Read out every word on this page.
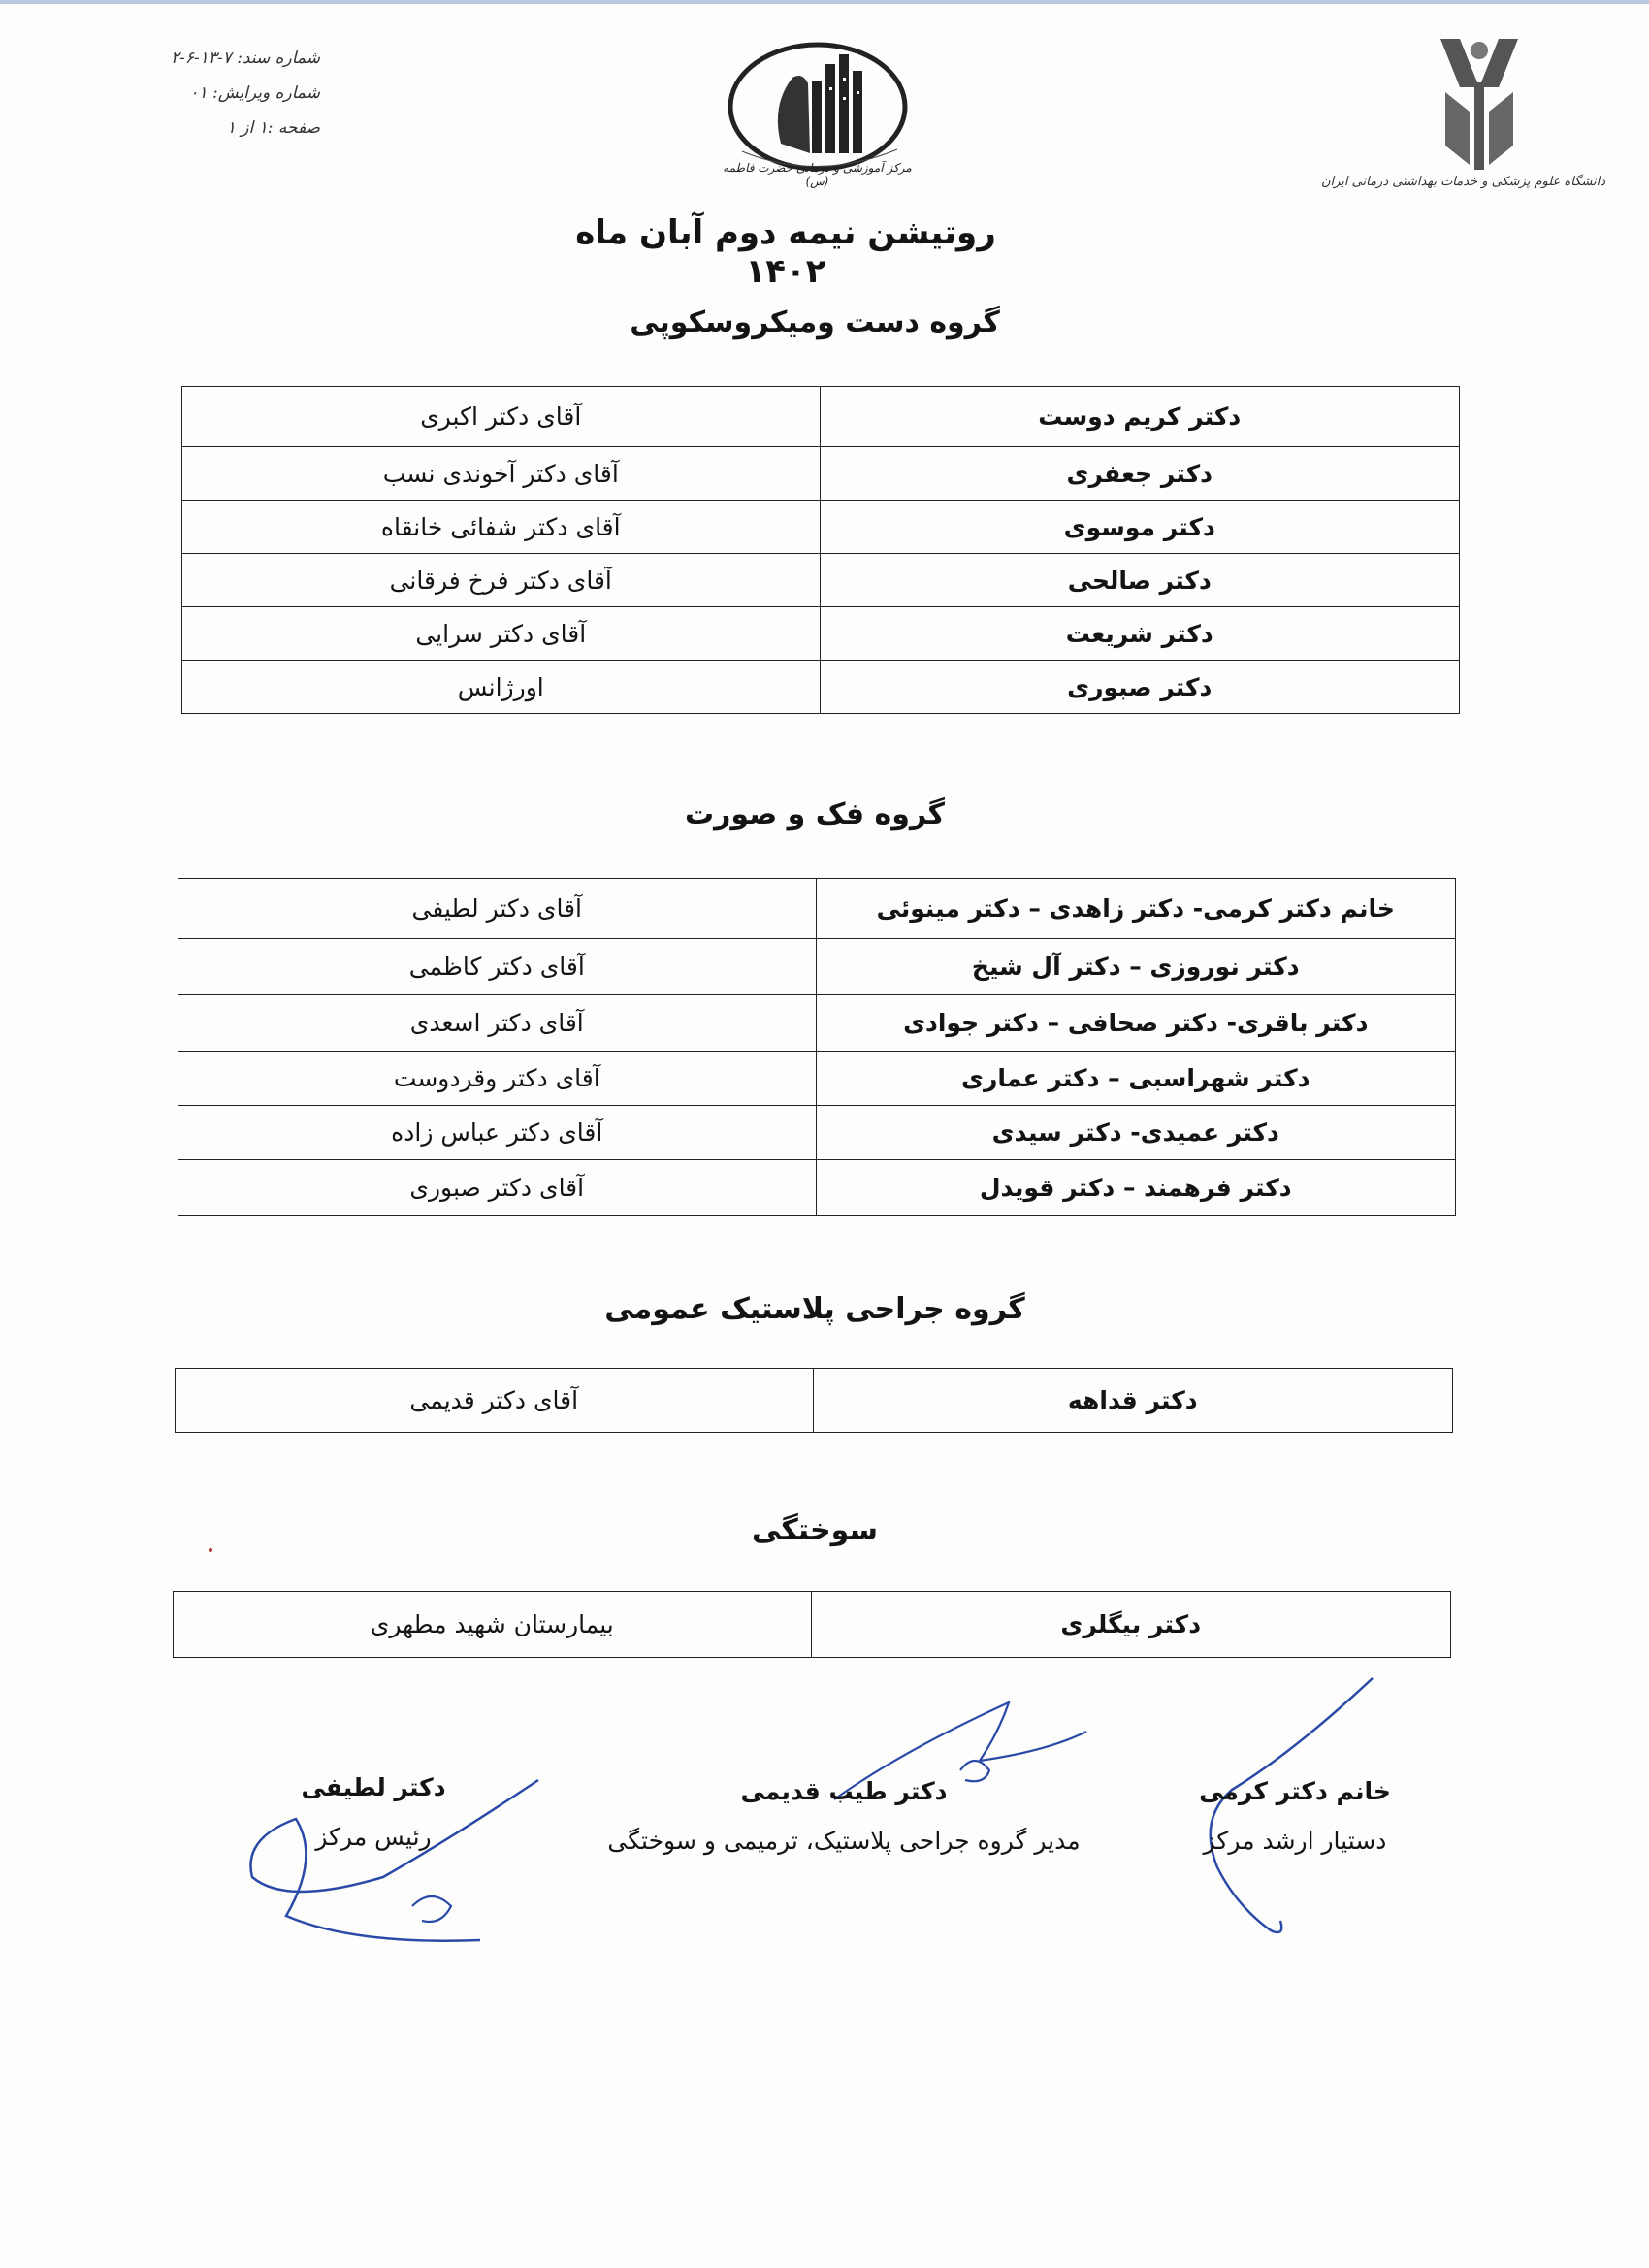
شماره سند: ۷-۱۳-۶-۲
شماره ویرایش: ۰۱
صفحه :۱ از ۱
مرکز آموزشی و درمانی حضرت فاطمه (س)	دانشگاه علوم پزشکی و خدمات بهداشتی درمانی ایران
روتیشن نیمه دوم آبان ماه ۱۴۰۲
گروه دست ومیکروسکوپی
دکتر کریم دوست	آقای دکتر اکبری
دکتر جعفری	آقای دکتر آخوندی نسب
دکتر موسوی	آقای دکتر شفائی خانقاه
دکتر صالحی	آقای دکتر فرخ فرقانی
دکتر شریعت	آقای دکتر سرایی
دکتر صبوری	اورژانس
گروه فک و صورت
خانم دکتر کرمی- دکتر زاهدی – دکتر مینوئی	آقای دکتر لطیفی
دکتر نوروزی – دکتر آل شیخ	آقای دکتر کاظمی
دکتر باقری- دکتر صحافی – دکتر جوادی	آقای دکتر اسعدی
دکتر شهراسبی – دکتر عماری	آقای دکتر وقردوست
دکتر عمیدی- دکتر سیدی	آقای دکتر عباس زاده
دکتر فرهمند – دکتر قویدل	آقای دکتر صبوری
گروه جراحی پلاستیک عمومی
دکتر قداهه	آقای دکتر قدیمی
سوختگی
دکتر بیگلری	بیمارستان شهید مطهری
خانم دکتر کرمی
دستیار ارشد مرکز
دکتر طیب قدیمی
مدیر گروه جراحی پلاستیک، ترمیمی و سوختگی
دکتر لطیفی
رئیس مرکز
